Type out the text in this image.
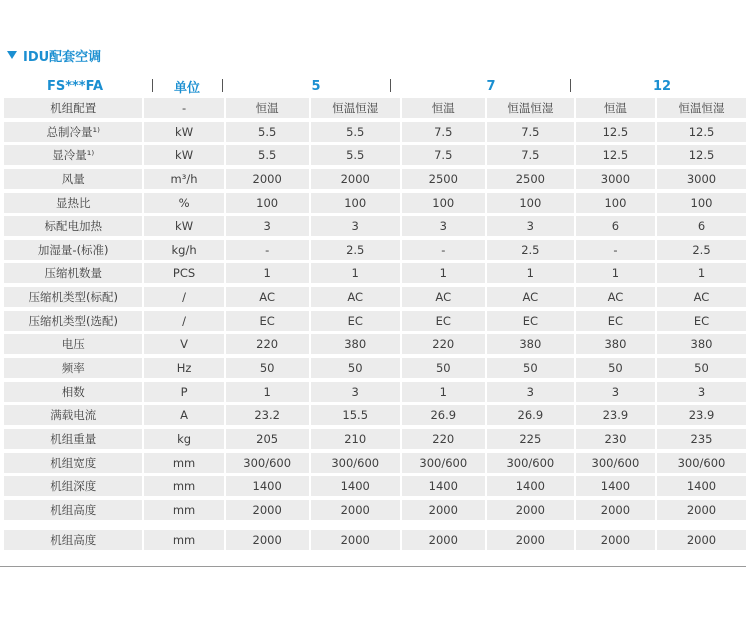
IDU配套空调
FS***FA	单位	5	7	12
机组配置	-	恒温	恒温恒湿	恒温	恒温恒湿	恒温	恒温恒湿
总制冷量¹⁾	kW	5.5	5.5	7.5	7.5	12.5	12.5
显冷量¹⁾	kW	5.5	5.5	7.5	7.5	12.5	12.5
风量	m³/h	2000	2000	2500	2500	3000	3000
显热比	%	100	100	100	100	100	100
标配电加热	kW	3	3	3	3	6	6
加湿量-(标准)	kg/h	-	2.5	-	2.5	-	2.5
压缩机数量	PCS	1	1	1	1	1	1
压缩机类型(标配)	/	AC	AC	AC	AC	AC	AC
压缩机类型(选配)	/	EC	EC	EC	EC	EC	EC
电压	V	220	380	220	380	380	380
频率	Hz	50	50	50	50	50	50
相数	P	1	3	1	3	3	3
满载电流	A	23.2	15.5	26.9	26.9	23.9	23.9
机组重量	kg	205	210	220	225	230	235
机组宽度	mm	300/600	300/600	300/600	300/600	300/600	300/600
机组深度	mm	1400	1400	1400	1400	1400	1400
机组高度	mm	2000	2000	2000	2000	2000	2000
机组高度	mm	2000	2000	2000	2000	2000	2000
